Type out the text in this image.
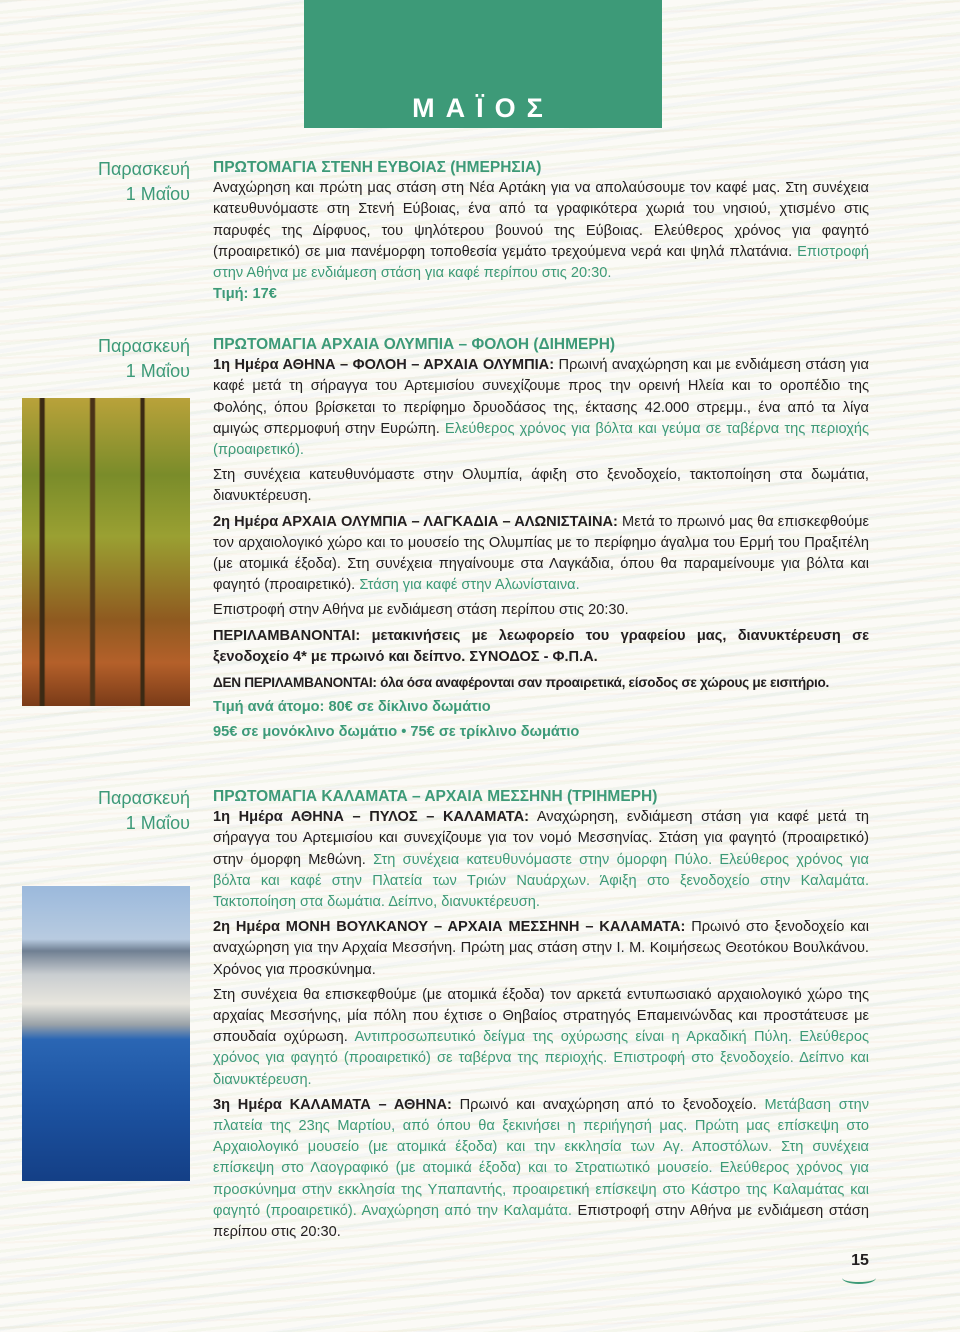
ΜΑΪΟΣ
Παρασκευή
1 Μαΐου
Παρασκευή
1 Μαΐου
Παρασκευή
1 Μαΐου

ΠΡΩΤΟΜΑΓΙΑ ΣΤΕΝΗ ΕΥΒΟΙΑΣ (ΗΜΕΡΗΣΙΑ)

Αναχώρηση και πρώτη μας στάση στη Νέα Αρτάκη για να απολαύσουμε τον καφέ μας. Στη συνέχεια κατευθυνόμαστε στη Στενή Εύβοιας, ένα από τα γραφικότερα χωριά του νησιού, χτισμένο στις παρυφές της Δίρφυος, του ψηλότερου βουνού της Εύβοιας. Ελεύθερος χρόνος για φαγητό (προαιρετικό) σε μια πανέμορφη τοποθεσία γεμάτο τρεχούμενα νερά και ψηλά πλατάνια. Επιστροφή στην Αθήνα με ενδιάμεση στάση για καφέ περίπου στις 20:30.

Τιμή: 17€

ΠΡΩΤΟΜΑΓΙΑ ΑΡΧΑΙΑ ΟΛΥΜΠΙΑ – ΦΟΛΟΗ (ΔΙΗΜΕΡΗ)

1η Ημέρα ΑΘΗΝΑ – ΦΟΛΟΗ – ΑΡΧΑΙΑ ΟΛΥΜΠΙΑ: Πρωινή αναχώρηση και με ενδιάμεση στάση για καφέ μετά τη σήραγγα του Αρτεμισίου συνεχίζουμε προς την ορεινή Ηλεία και το οροπέδιο της Φολόης, όπου βρίσκεται το περίφημο δρυοδάσος της, έκτασης 42.000 στρεμμ., ένα από τα λίγα αμιγώς σπερμοφυή στην Ευρώπη. Ελεύθερος χρόνος για βόλτα και γεύμα σε ταβέρνα της περιοχής (προαιρετικό).

Στη συνέχεια κατευθυνόμαστε στην Ολυμπία, άφιξη στο ξενοδοχείο, τακτοποίηση στα δωμάτια, διανυκτέρευση.

2η Ημέρα ΑΡΧΑΙΑ ΟΛΥΜΠΙΑ – ΛΑΓΚΑΔΙΑ – ΑΛΩΝΙΣΤΑΙΝΑ: Μετά το πρωινό μας θα επισκεφθούμε τον αρχαιολογικό χώρο και το μουσείο της Ολυμπίας με το περίφημο άγαλμα του Ερμή του Πραξιτέλη (με ατομικά έξοδα). Στη συνέχεια πηγαίνουμε στα Λαγκάδια, όπου θα παραμείνουμε για βόλτα και φαγητό (προαιρετικό). Στάση για καφέ στην Αλωνίσταινα.

Επιστροφή στην Αθήνα με ενδιάμεση στάση περίπου στις 20:30.

ΠΕΡΙΛΑΜΒΑΝΟΝΤΑΙ: μετακινήσεις με λεωφορείο του γραφείου μας, διανυκτέρευση σε ξενοδοχείο 4* με πρωινό και δείπνο. ΣΥΝΟΔΟΣ - Φ.Π.Α.

ΔΕΝ ΠΕΡΙΛΑΜΒΑΝΟΝΤΑΙ: όλα όσα αναφέρονται σαν προαιρετικά, είσοδος σε χώρους με εισιτήριο.

Τιμή ανά άτομο: 80€ σε δίκλινο δωμάτιο

95€ σε μονόκλινο δωμάτιο • 75€ σε τρίκλινο δωμάτιο

ΠΡΩΤΟΜΑΓΙΑ ΚΑΛΑΜΑΤΑ – ΑΡΧΑΙΑ ΜΕΣΣΗΝΗ (ΤΡΙΗΜΕΡΗ)

1η Ημέρα ΑΘΗΝΑ – ΠΥΛΟΣ – ΚΑΛΑΜΑΤΑ: Αναχώρηση, ενδιάμεση στάση για καφέ μετά τη σήραγγα του Αρτεμισίου και συνεχίζουμε για τον νομό Μεσσηνίας. Στάση για φαγητό (προαιρετικό) στην όμορφη Μεθώνη. Στη συνέχεια κατευθυνόμαστε στην όμορφη Πύλο. Ελεύθερος χρόνος για βόλτα και καφέ στην Πλατεία των Τριών Ναυάρχων. Άφιξη στο ξενοδοχείο στην Καλαμάτα. Τακτοποίηση στα δωμάτια. Δείπνο, διανυκτέρευση.

2η Ημέρα ΜΟΝΗ ΒΟΥΛΚΑΝΟΥ – ΑΡΧΑΙΑ ΜΕΣΣΗΝΗ – ΚΑΛΑΜΑΤΑ: Πρωινό στο ξενοδοχείο και αναχώρηση για την Αρχαία Μεσσήνη. Πρώτη μας στάση στην Ι. Μ. Κοιμήσεως Θεοτόκου Βουλκάνου. Χρόνος για προσκύνημα.

Στη συνέχεια θα επισκεφθούμε (με ατομικά έξοδα) τον αρκετά εντυπωσιακό αρχαιολογικό χώρο της αρχαίας Μεσσήνης, μία πόλη που έχτισε ο Θηβαίος στρατηγός Επαμεινώνδας και προστάτευσε με σπουδαία οχύρωση. Αντιπροσωπευτικό δείγμα της οχύρωσης είναι η Αρκαδική Πύλη. Ελεύθερος χρόνος για φαγητό (προαιρετικό) σε ταβέρνα της περιοχής. Επιστροφή στο ξενοδοχείο. Δείπνο και διανυκτέρευση.

3η Ημέρα ΚΑΛΑΜΑΤΑ – ΑΘΗΝΑ: Πρωινό και αναχώρηση από το ξενοδοχείο. Μετάβαση στην πλατεία της 23ης Μαρτίου, από όπου θα ξεκινήσει η περιήγησή μας. Πρώτη μας επίσκεψη στο Αρχαιολογικό μουσείο (με ατομικά έξοδα) και την εκκλησία των Αγ. Αποστόλων. Στη συνέχεια επίσκεψη στο Λαογραφικό (με ατομικά έξοδα) και το Στρατιωτικό μουσείο. Ελεύθερος χρόνος για προσκύνημα στην εκκλησία της Υπαπαντής, προαιρετική επίσκεψη στο Κάστρο της Καλαμάτας και φαγητό (προαιρετικό). Αναχώρηση από την Καλαμάτα. Επιστροφή στην Αθήνα με ενδιάμεση στάση περίπου στις 20:30.

15
